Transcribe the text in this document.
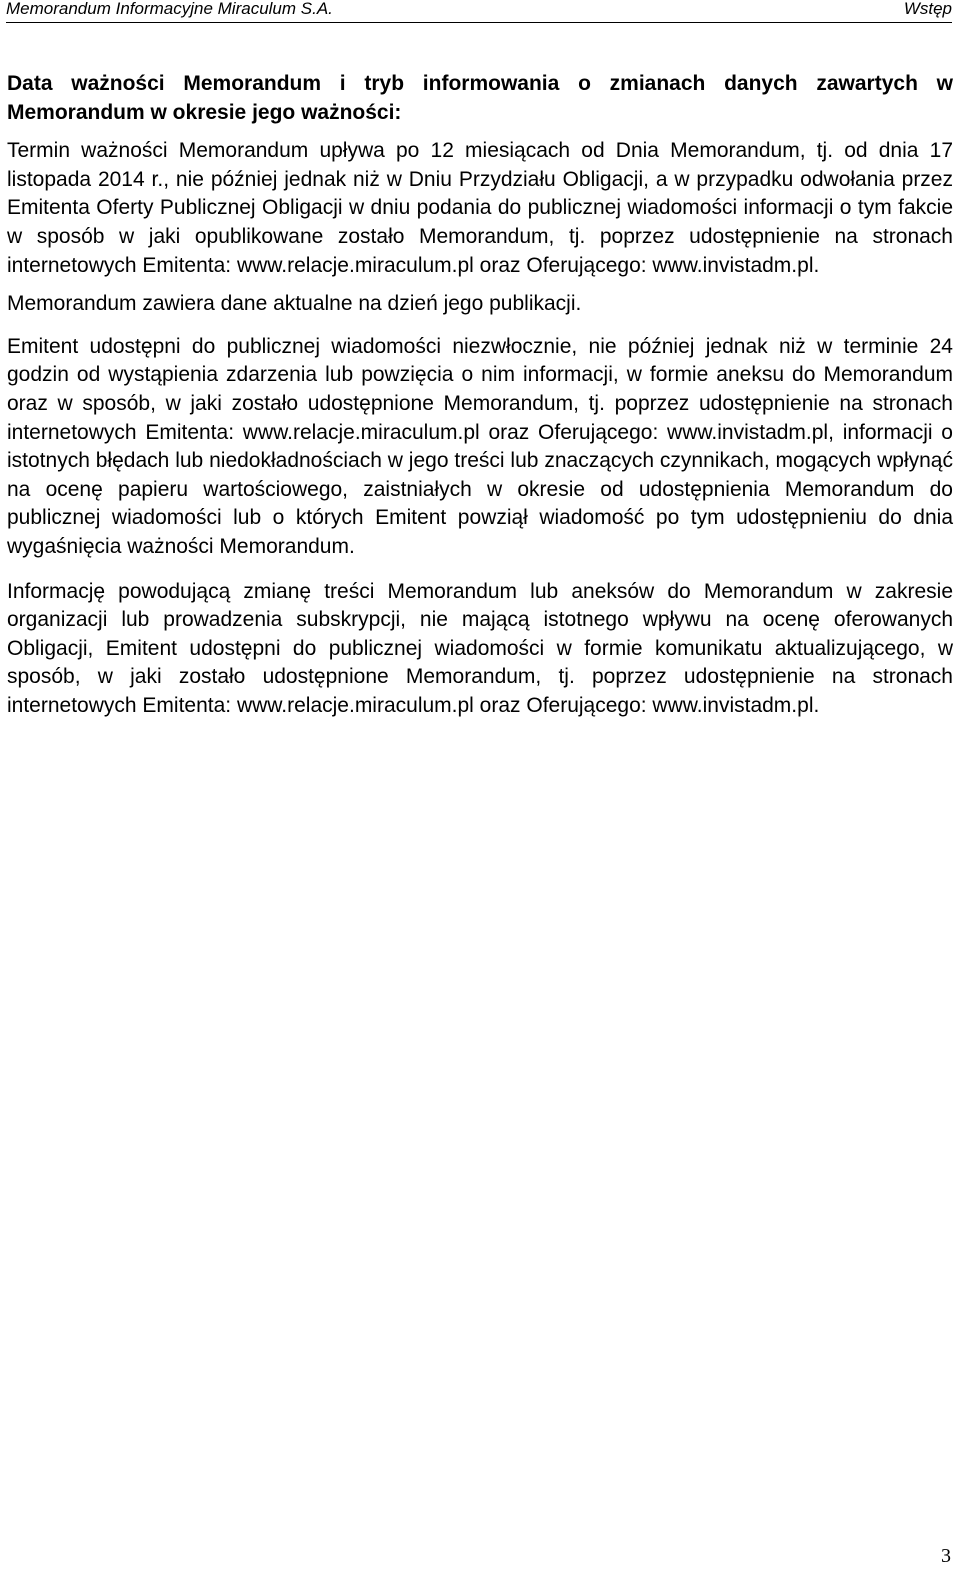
Memorandum Informacyjne Miraculum S.A.	Wstęp

Data ważności Memorandum i tryb informowania o zmianach danych zawartych w Memorandum w okresie jego ważności:

Termin ważności Memorandum upływa po 12 miesiącach od Dnia Memorandum, tj. od dnia 17 listopada 2014 r., nie później jednak niż w Dniu Przydziału Obligacji, a w przypadku odwołania przez Emitenta Oferty Publicznej Obligacji w dniu podania do publicznej wiadomości informacji o tym fakcie w sposób w jaki opublikowane zostało Memorandum, tj. poprzez udostępnienie na stronach internetowych Emitenta: www.relacje.miraculum.pl oraz Oferującego: www.invistadm.pl.

Memorandum zawiera dane aktualne na dzień jego publikacji.

Emitent udostępni do publicznej wiadomości niezwłocznie, nie później jednak niż w terminie 24 godzin od wystąpienia zdarzenia lub powzięcia o nim informacji, w formie aneksu do Memorandum oraz w sposób, w jaki zostało udostępnione Memorandum, tj. poprzez udostępnienie na stronach internetowych Emitenta: www.relacje.miraculum.pl oraz Oferującego: www.invistadm.pl, informacji o istotnych błędach lub niedokładnościach w jego treści lub znaczących czynnikach, mogących wpłynąć na ocenę papieru wartościowego, zaistniałych w okresie od udostępnienia Memorandum do publicznej wiadomości lub o których Emitent powziął wiadomość po tym udostępnieniu do dnia wygaśnięcia ważności Memorandum.

Informację powodującą zmianę treści Memorandum lub aneksów do Memorandum w zakresie organizacji lub prowadzenia subskrypcji, nie mającą istotnego wpływu na ocenę oferowanych Obligacji, Emitent udostępni do publicznej wiadomości w formie komunikatu aktualizującego, w sposób, w jaki zostało udostępnione Memorandum, tj. poprzez udostępnienie na stronach internetowych Emitenta: www.relacje.miraculum.pl oraz Oferującego: www.invistadm.pl.

3
